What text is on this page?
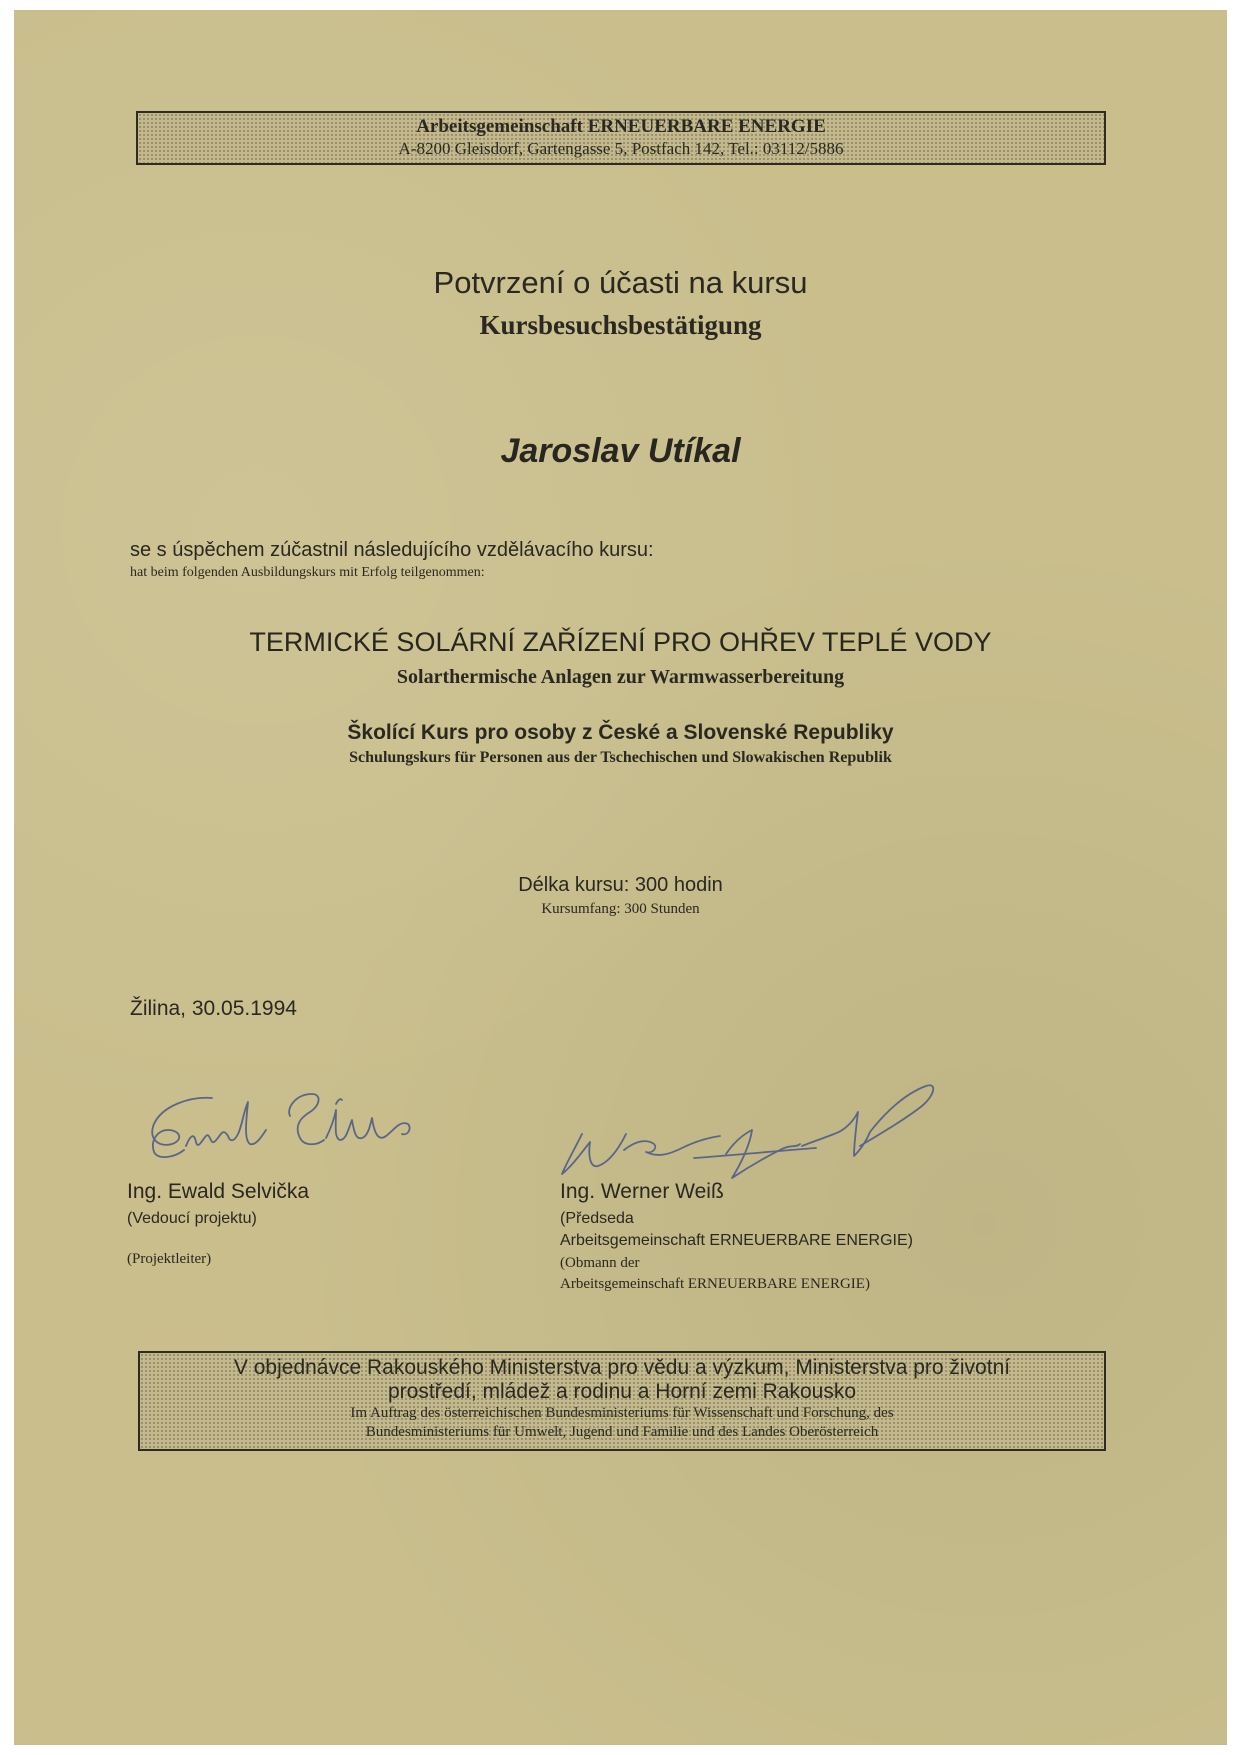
Arbeitsgemeinschaft ERNEUERBARE ENERGIE
A-8200 Gleisdorf, Gartengasse 5, Postfach 142, Tel.: 03112/5886
Potvrzení o účasti na kursu
Kursbesuchsbestätigung
Jaroslav Utíkal
se s úspěchem zúčastnil následujícího vzdělávacího kursu:
hat beim folgenden Ausbildungskurs mit Erfolg teilgenommen:
TERMICKÉ SOLÁRNÍ ZAŘÍZENÍ PRO OHŘEV TEPLÉ VODY
Solarthermische Anlagen zur Warmwasserbereitung
Školící Kurs pro osoby z České a Slovenské Republiky
Schulungskurs für Personen aus der Tschechischen und Slowakischen Republik
Délka kursu: 300 hodin
Kursumfang: 300 Stunden
Žilina, 30.05.1994
Ing. Ewald Selvička
(Vedoucí projektu)
(Projektleiter)
Ing. Werner Weiß
(Předseda
Arbeitsgemeinschaft ERNEUERBARE ENERGIE)
(Obmann der
Arbeitsgemeinschaft ERNEUERBARE ENERGIE)
V objednávce Rakouského Ministerstva pro vědu a výzkum, Ministerstva pro životní
prostředí, mládež a rodinu a Horní zemi Rakousko
Im Auftrag des österreichischen Bundesministeriums für Wissenschaft und Forschung, des
Bundesministeriums für Umwelt, Jugend und Familie und des Landes Oberösterreich
